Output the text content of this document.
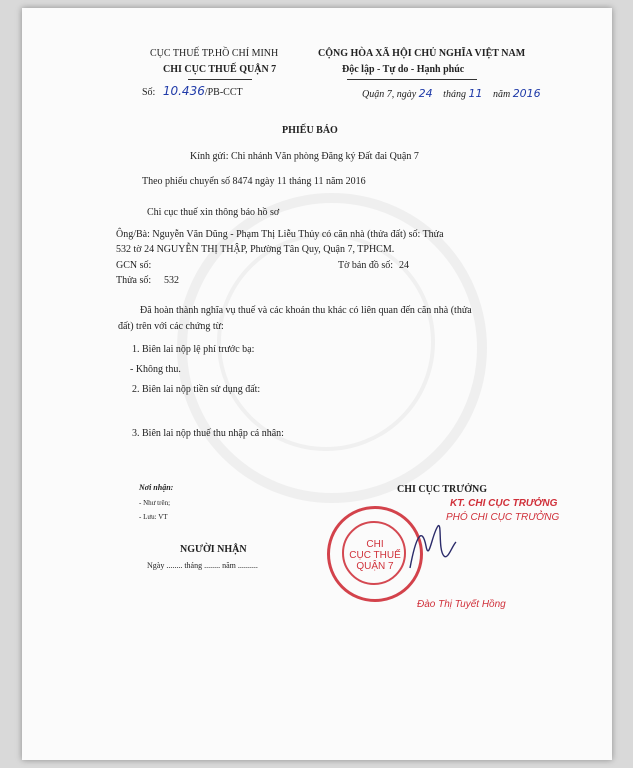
CỤC THUẾ TP.HỒ CHÍ MINH
CHI CỤC THUẾ QUẬN 7
Số: 10.436/PB-CCT
CỘNG HÒA XÃ HỘI CHỦ NGHĨA VIỆT NAM
Độc lập - Tự do - Hạnh phúc
Quận 7, ngày 24 tháng 11 năm 2016
PHIẾU BÁO
Kính gửi: Chi nhánh Văn phòng Đăng ký Đất đai Quận 7
Theo phiếu chuyển số 8474 ngày 11 tháng 11 năm 2016
Chi cục thuế xin thông báo hồ sơ
Ông/Bà: Nguyễn Văn Dũng - Phạm Thị Liễu Thủy có căn nhà (thửa đất) số: Thửa
532 tờ 24 NGUYỄN THỊ THẬP, Phường Tân Quy, Quận 7, TPHCM.
GCN số:	Tờ bản đồ số: 24
Thửa số: 532
Đã hoàn thành nghĩa vụ thuế và các khoản thu khác có liên quan đến căn nhà (thửa
đất) trên với các chứng từ:
1. Biên lai nộp lệ phí trước bạ:
- Không thu.
2. Biên lai nộp tiền sử dụng đất:
3. Biên lai nộp thuế thu nhập cá nhân:
Nơi nhận:
- Như trên;
- Lưu: VT
NGƯỜI NHẬN
Ngày ........ tháng ........ năm ..........
CHI CỤC TRƯỞNG
KT. CHI CỤC TRƯỞNG
PHÓ CHI CỤC TRƯỞNG
CHI
CỤC THUẾ
QUẬN 7
Đào Thị Tuyết Hồng
